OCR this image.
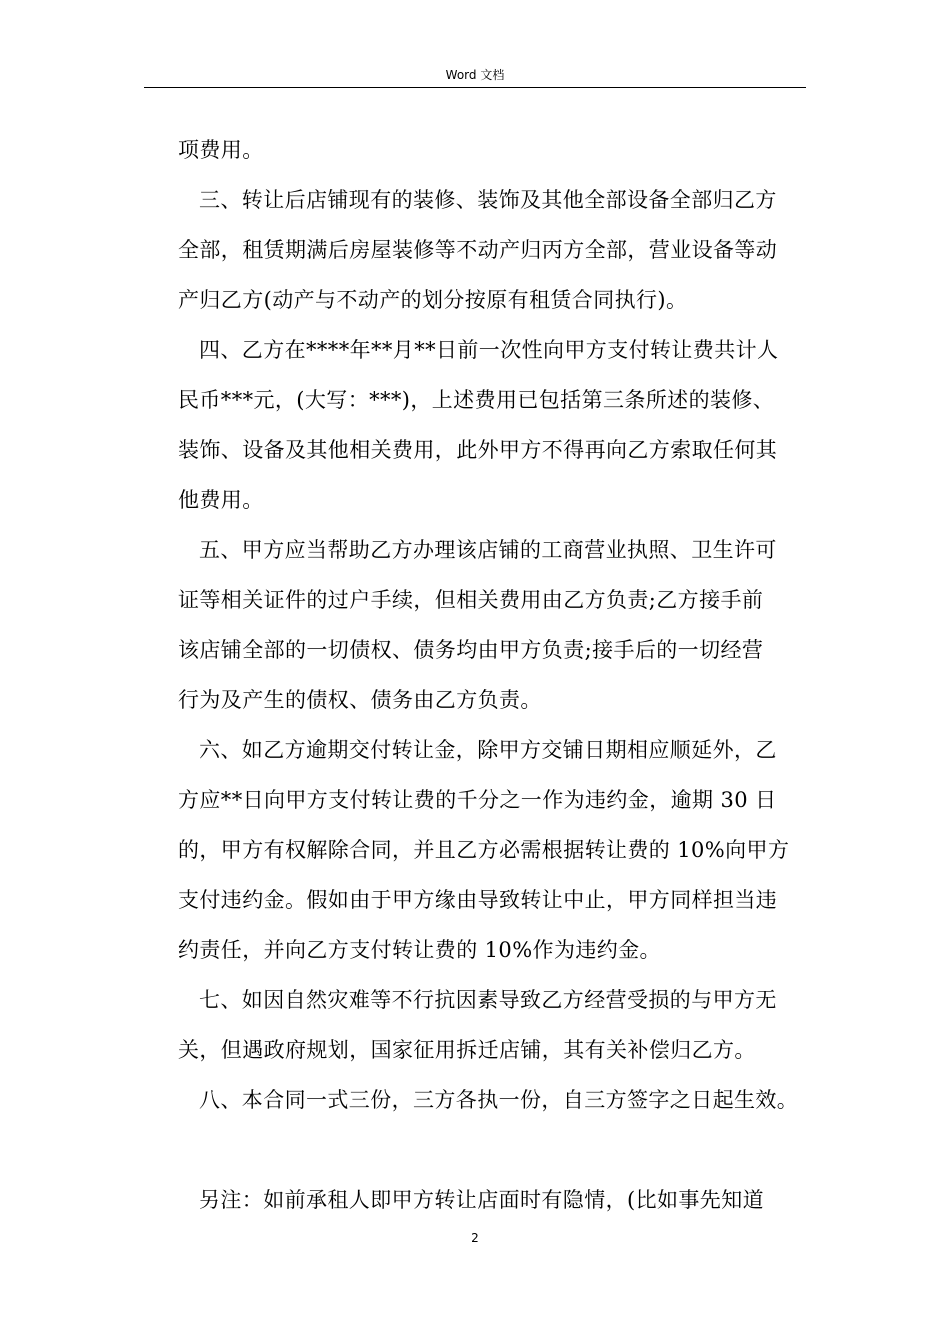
Word 文档
项费用。
三、转让后店铺现有的装修、装饰及其他全部设备全部归乙方
全部，租赁期满后房屋装修等不动产归丙方全部，营业设备等动
产归乙方(动产与不动产的划分按原有租赁合同执行)。
四、乙方在****年**月**日前一次性向甲方支付转让费共计人
民币***元，(大写：***)，上述费用已包括第三条所述的装修、
装饰、设备及其他相关费用，此外甲方不得再向乙方索取任何其
他费用。
五、甲方应当帮助乙方办理该店铺的工商营业执照、卫生许可
证等相关证件的过户手续，但相关费用由乙方负责;乙方接手前
该店铺全部的一切债权、债务均由甲方负责;接手后的一切经营
行为及产生的债权、债务由乙方负责。
六、如乙方逾期交付转让金，除甲方交铺日期相应顺延外，乙
方应**日向甲方支付转让费的千分之一作为违约金，逾期 30 日
的，甲方有权解除合同，并且乙方必需根据转让费的 10%向甲方
支付违约金。假如由于甲方缘由导致转让中止，甲方同样担当违
约责任，并向乙方支付转让费的 10%作为违约金。
七、如因自然灾难等不行抗因素导致乙方经营受损的与甲方无
关，但遇政府规划，国家征用拆迁店铺，其有关补偿归乙方。
八、本合同一式三份，三方各执一份，自三方签字之日起生效。
另注：如前承租人即甲方转让店面时有隐情，(比如事先知道
2
